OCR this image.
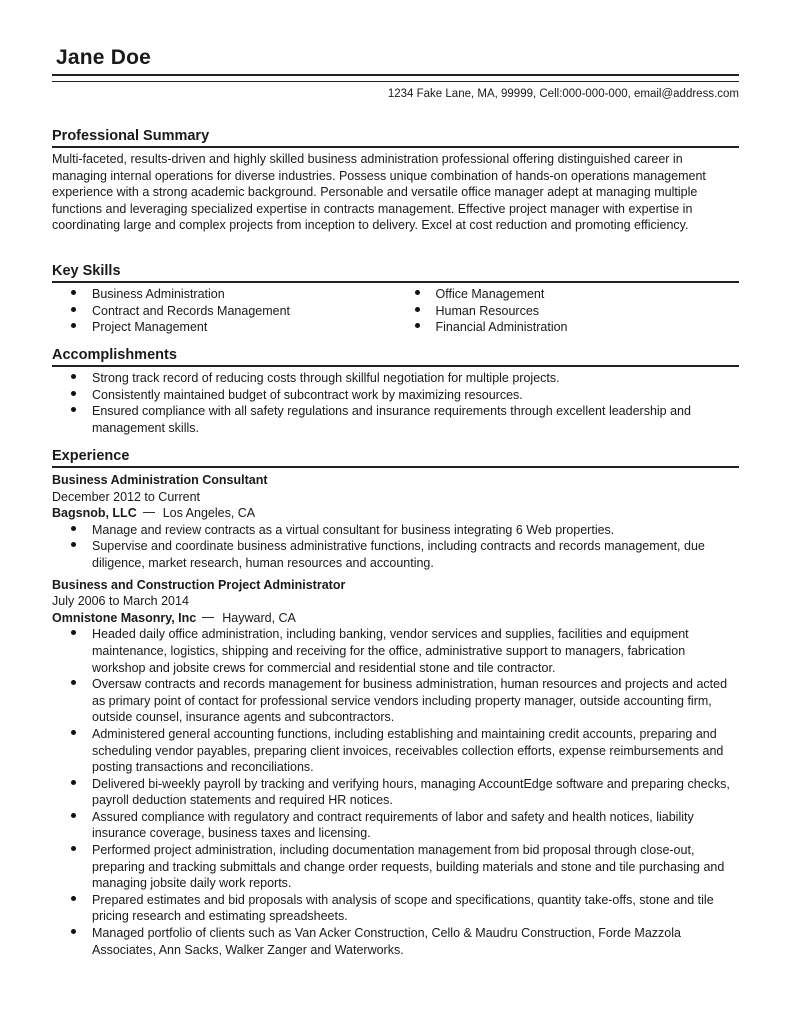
Jane Doe
1234 Fake Lane, MA, 99999, Cell:000-000-000, email@address.com
Professional Summary
Multi-faceted, results-driven and highly skilled business administration professional offering distinguished career in managing internal operations for diverse industries. Possess unique combination of hands-on operations management experience with a strong academic background. Personable and versatile office manager adept at managing multiple functions and leveraging specialized expertise in contracts management. Effective project manager with expertise in coordinating large and complex projects from inception to delivery. Excel at cost reduction and promoting efficiency.
Key Skills
Business Administration
Contract and Records Management
Project Management
Office Management
Human Resources
Financial Administration
Accomplishments
Strong track record of reducing costs through skillful negotiation for multiple projects.
Consistently maintained budget of subcontract work by maximizing resources.
Ensured compliance with all safety regulations and insurance requirements through excellent leadership and management skills.
Experience
Business Administration Consultant
December 2012 to Current
Bagsnob, LLC Los Angeles, CA
Manage and review contracts as a virtual consultant for business integrating 6 Web properties.
Supervise and coordinate business administrative functions, including contracts and records management, due diligence, market research, human resources and accounting.
Business and Construction Project Administrator
July 2006 to March 2014
Omnistone Masonry, Inc Hayward, CA
Headed daily office administration, including banking, vendor services and supplies, facilities and equipment maintenance, logistics, shipping and receiving for the office, administrative support to managers, fabrication workshop and jobsite crews for commercial and residential stone and tile contractor.
Oversaw contracts and records management for business administration, human resources and projects and acted as primary point of contact for professional service vendors including property manager, outside accounting firm, outside counsel, insurance agents and subcontractors.
Administered general accounting functions, including establishing and maintaining credit accounts, preparing and scheduling vendor payables, preparing client invoices, receivables collection efforts, expense reimbursements and posting transactions and reconciliations.
Delivered bi-weekly payroll by tracking and verifying hours, managing AccountEdge software and preparing checks, payroll deduction statements and required HR notices.
Assured compliance with regulatory and contract requirements of labor and safety and health notices, liability insurance coverage, business taxes and licensing.
Performed project administration, including documentation management from bid proposal through close-out, preparing and tracking submittals and change order requests, building materials and stone and tile purchasing and managing jobsite daily work reports.
Prepared estimates and bid proposals with analysis of scope and specifications, quantity take-offs, stone and tile pricing research and estimating spreadsheets.
Managed portfolio of clients such as Van Acker Construction, Cello & Maudru Construction, Forde Mazzola Associates, Ann Sacks, Walker Zanger and Waterworks.
